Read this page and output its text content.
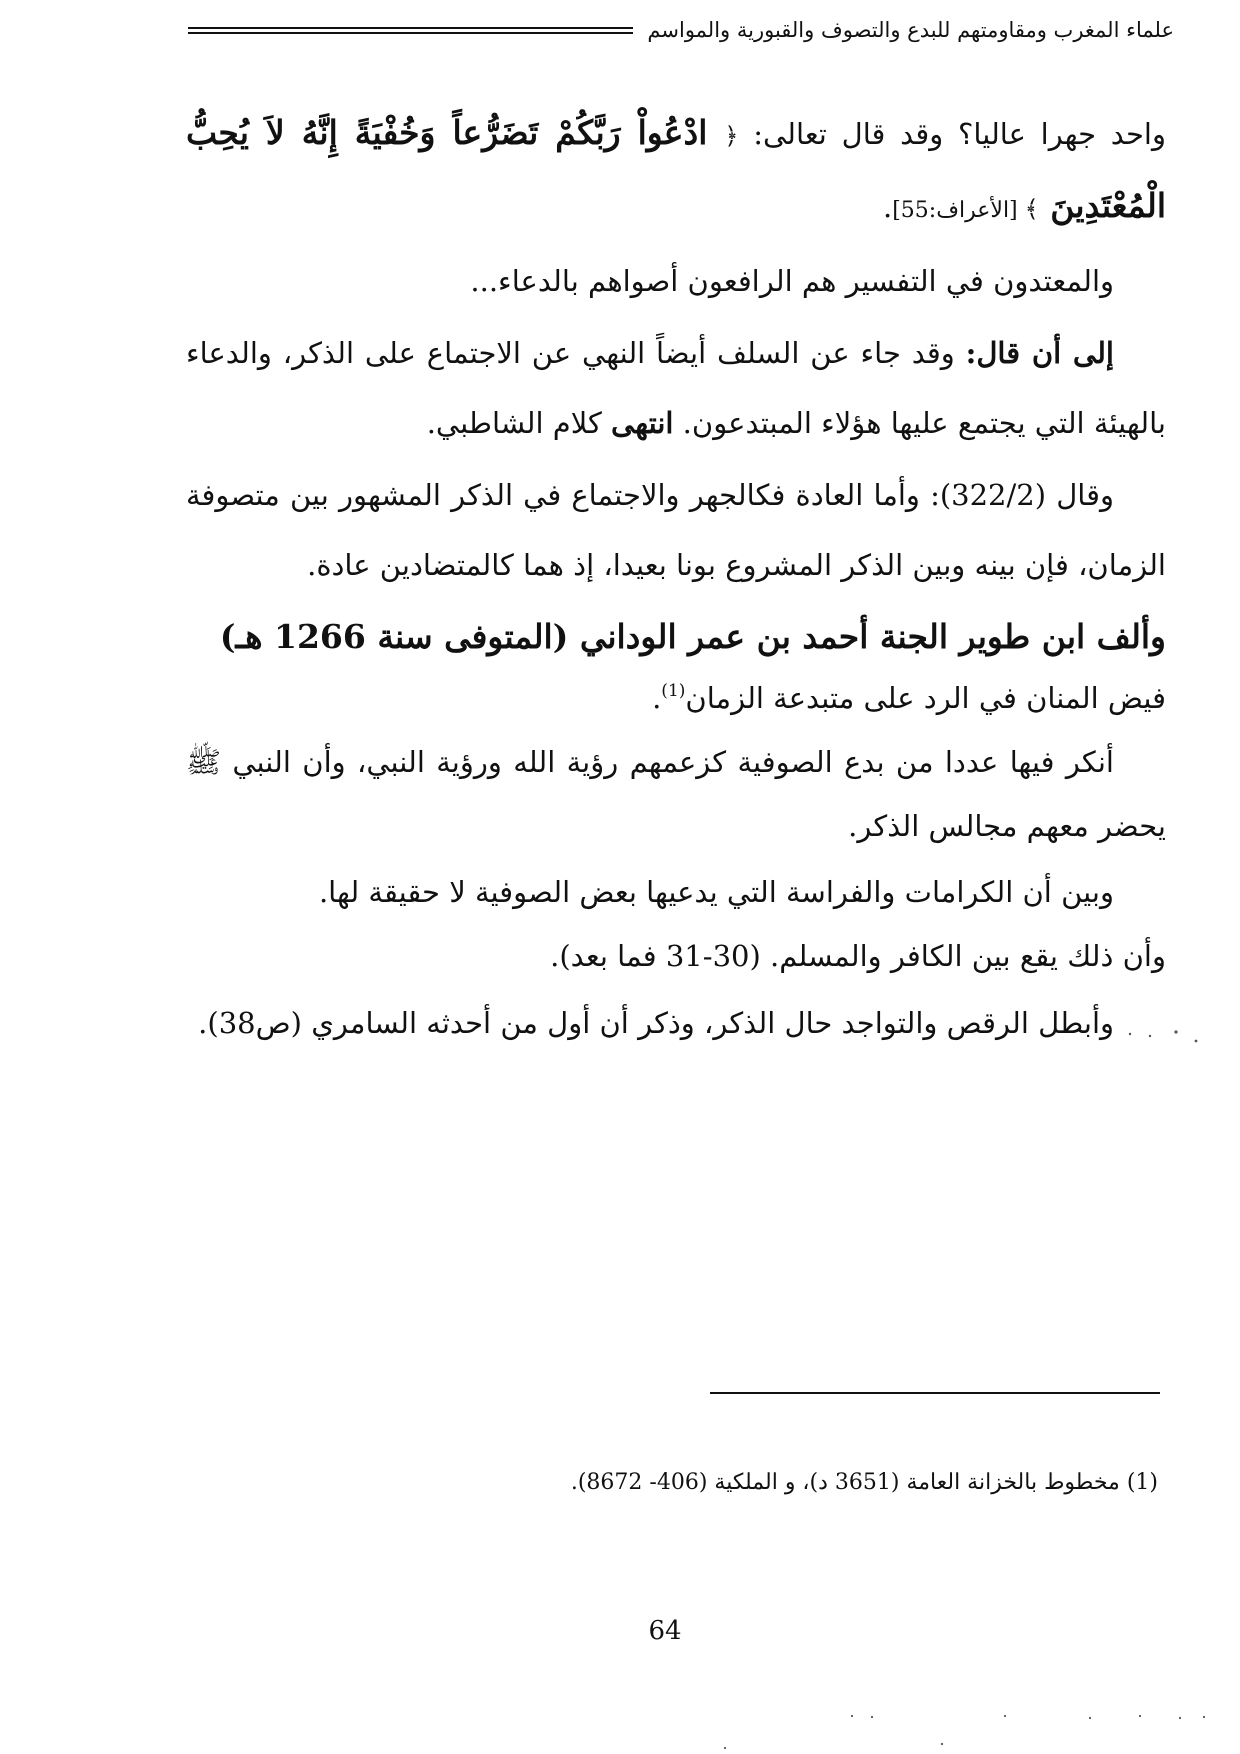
علماء المغرب ومقاومتهم للبدع والتصوف والقبورية والمواسم

واحد جهرا عاليا؟ وقد قال تعالى: ﴿ ادْعُواْ رَبَّكُمْ تَضَرُّعاً وَخُفْيَةً إِنَّهُ لاَ يُحِبُّ الْمُعْتَدِينَ ﴾ [الأعراف:55].

والمعتدون في التفسير هم الرافعون أصواهم بالدعاء...

إلى أن قال: وقد جاء عن السلف أيضاً النهي عن الاجتماع على الذكر، والدعاء بالهيئة التي يجتمع عليها هؤلاء المبتدعون. انتهى كلام الشاطبي.

وقال (322/2): وأما العادة فكالجهر والاجتماع في الذكر المشهور بين متصوفة الزمان، فإن بينه وبين الذكر المشروع بونا بعيدا، إذ هما كالمتضادين عادة.

وألف ابن طوير الجنة أحمد بن عمر الوداني (المتوفى سنة 1266 هـ)

فيض المنان في الرد على متبدعة الزمان$^{(1)}$.

أنكر فيها عددا من بدع الصوفية كزعمهم رؤية الله ورؤية النبي، وأن النبي ﷺ يحضر معهم مجالس الذكر.

وبين أن الكرامات والفراسة التي يدعيها بعض الصوفية لا حقيقة لها.

وأن ذلك يقع بين الكافر والمسلم. (30-31 فما بعد).

وأبطل الرقص والتواجد حال الذكر، وذكر أن أول من أحدثه السامري (ص38).

(1) مخطوط بالخزانة العامة (3651 د)، و الملكية (406- 8672).
64
